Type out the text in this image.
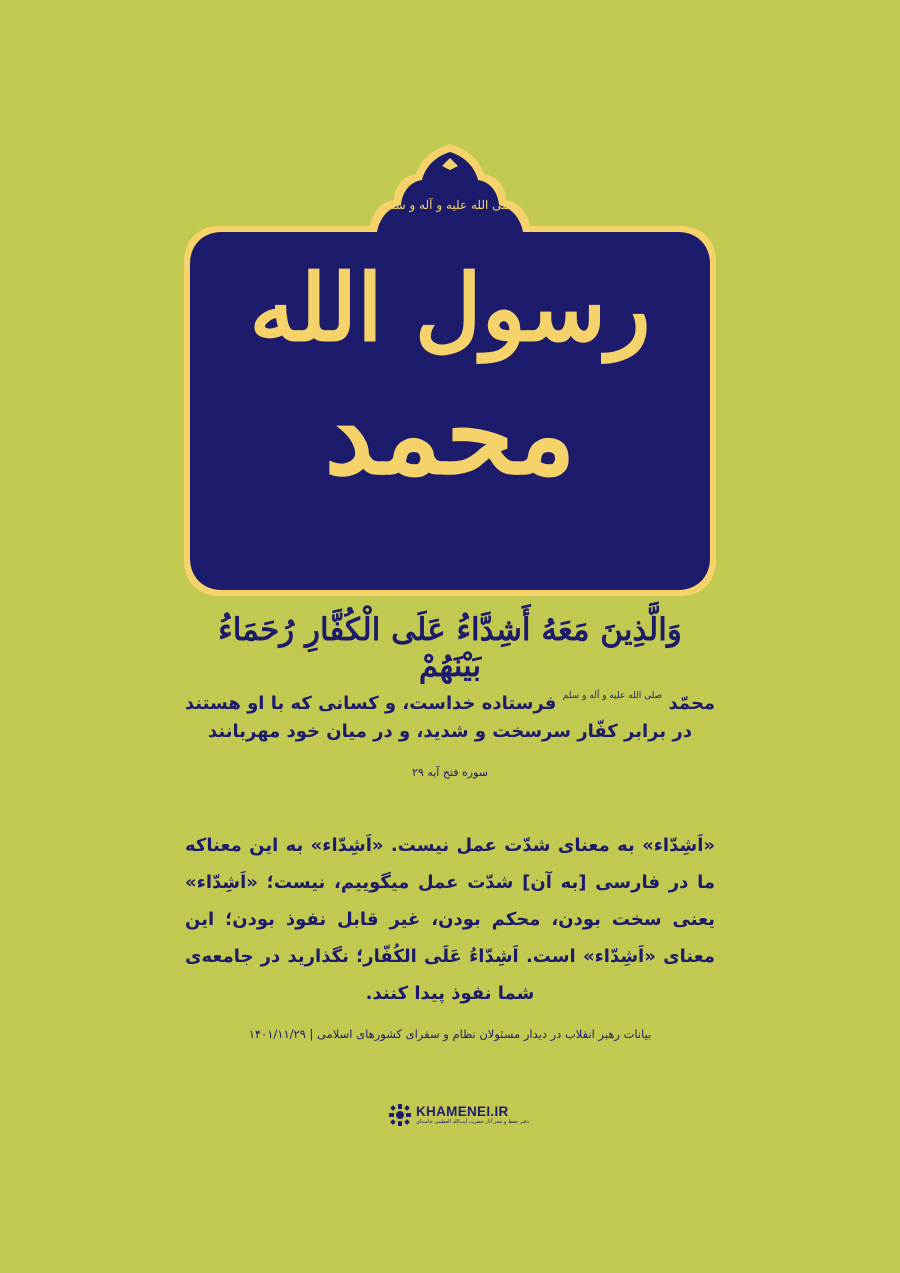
صلی الله علیه و آله و سلم
رسول الله
محمد
وَالَّذِینَ مَعَهُ أَشِدَّاءُ عَلَی الْکُفَّارِ رُحَمَاءُ بَیْنَهُمْ
محمّد $^{صلی الله علیه و آله و سلم}$ فرستاده خداست، و کسانی که با او هستند
در برابر کفّار سرسخت و شدید، و در میان خود مهربانند
سوره فتح آیه ۲۹
«اَشِدّاء» به معنای شدّت عمل نیست. «اَشِدّاء» به این معناکه ما در فارسی [به آن] شدّت عمل میگوییم، نیست؛ «اَشِدّاء» یعنی سخت بودن، محکم بودن، غیر قابل نفوذ بودن؛ این معنای «اَشِدّاء» است. اَشِدّاءُ عَلَی الکُفّار؛ نگذارید در جامعه‌ی شما نفوذ پیدا کنند.
بیانات رهبر انقلاب در دیدار مسئولان نظام و سفرای کشورهای اسلامی | ۱۴۰۱/۱۱/۲۹
KHAMENEI.IR
دفتر حفظ و نشر آثار حضرت آیت‌الله العظمی خامنه‌ای
